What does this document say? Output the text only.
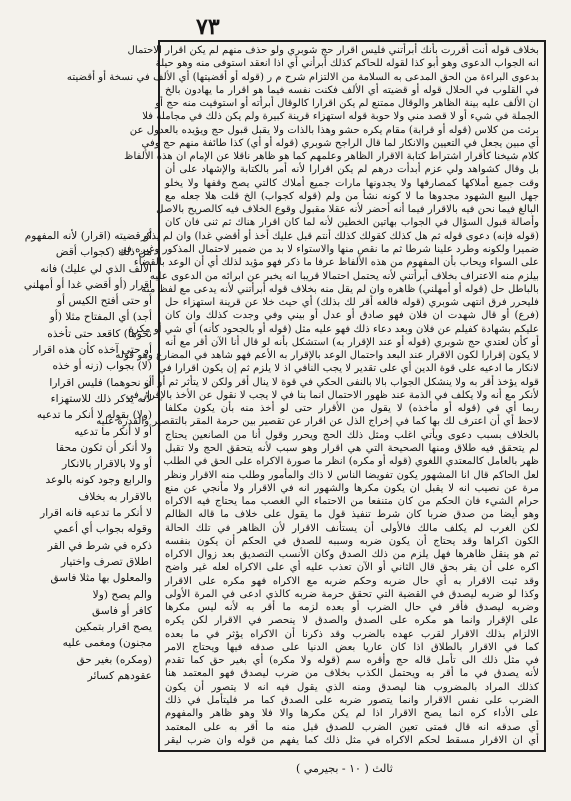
٧٣
بخلاف قوله أنت أقررت بأنك أبرأتني فليس اقرار حج شوبري ولو حذف منهم لم يكن اقرار الاحتمال
انه الجواب الدعوى وهو أبو كذا لقوله للحاكم كذلك أبرأني أي اذا انعقد استوفى منه وهو حيلة
بدعوى البراءة من الحق المدعى به السلامة من الالتزام شرح م ر (قوله أو أقضيتها) أي الألف في نسخة أو أقضيته
في القلوب في الحلال قوله أو قضيته أي الألف فكنت نفسه فيما هو اقرار ما يهادون بالخ
ان الألف عليه بينة الظاهر والوقال ممتنع لم يكن اقرارا كالوقال أبرأته أو استوفيت منه حج أو
الجملة في شيء أو لا قصد مني ولا حوبة قوله استهزاء قرينة كبيرة ولم يكن ذلك في مجاملة فلا
برئت من كلاس (قوله أو قرابة) مقام يكره حشو وهذا بالذات ولا يقبل قبول حج ويؤيده بالعدول عن
أي مبين يجعل في التعيين والانكار لما قال الراجح شوبري (قوله أو أي) كذا طائفة منهم حج وفي
كلام شيخنا كأقرار اشتراط كتابة الاقرار الظاهر وعلمهم كما هو ظاهر ناقلا عن الإمام ان هذه الألفاظ
بل وقال كشواهد ولي عزم أبدأت درهم لم يكن اقرارا لأنه أمر بالكتابة والإشهاد على أن
وقت جميع أملاكها كمصارفها ولا يجدونها مارات جميع أملاك كالتي يصح وقفها ولا يخلو
جهل البيع الشهود مجدوها ما لا كونه نشأ من ولم (قوله كجواب) الخ قلت هلا جعله مع
البالغ فيما نحن فيه بالاقرار فيما أنه أحضر لأنه عقلا مقبول وقوع الخلاف فيه كالصريح بالاصل
وأصالة قبول السؤال في الجواب بهاتين الخطين لأنه لما كان اقرار هناك ثم ثنى فان كان
(قوله فإنه) دعوى قوله ثم هل كذلك كقولك كذلك أنتم قبل عليك أخذ أو أقضي غدا) وان لم يذكر
ضميرا ولكونه وطرد علينا شرطا ثم ما نقص منها والاستواء لا بد من ضمير لاحتمال المذكور وغيره في
على السواء ويحاب بأن المفهوم من هذه الألفاظ عرفا ما ذكر فهو مؤيد لذلك أي أن الوعد بالقضاء
بيلزم منه الاعتراف بخلاف أبرأتني لأنه يحتمل احتمالا قريبا انه يخبر عن ابرائه من الدعوى عليه
بالباطل حل (قوله أو أمهلني) ظاهره وان لم يقل منه بخلاف قوله أبرأتني لأنه يدعى مع لفظ منه
فليحرر فرق انتهى شوبري (قوله فالغه أقر لك بذلك) أي حيث خلا عن قرينة استهزاء حل
(فرع) أو قال شهدت ان فلان فهو صادق أو عدل أو بيني وفي وجدت كذلك وان كان
عليكم بشهادة كفيلم عن فلان وبعد دعاء ذلك فهو عليه مثل (قوله أو بالجحود كأنه) أي شي أو مكرة
أو كأن لعتدي حج شوبري (قوله أو عند الإقرار به) استشكل بأنه لو قال أنا الآن أقر مع أنه
لا يكون إقرارا لكون الاقرار عند البعد واحتمال الوعد بالإقرار به الأعم فهو شاهد في المضارع وهو قوله
لانكار ما ادعيه على قوة الدين أي على تقدير لا يجب النافي اذ لا يلزم ثم إن يكون اقرارا في
قوله يؤخذ أقر به ولا ينشكل الجواب بالا بالنفى الحكي في قوة لا ينال أقر ولكن لا يتأثر ثم أو أن
لأنكر مع أنه ولا يكلف في الذمة عند ظهور الاحتمال انما بنا في لا يجب لا نقول عن الأخذ بالإقرار في
ربما أي في (قوله أو مأخذه) لا يقول من الأقرار حتى لو أخذ منه بأن يكون مكلفا
لاحظ أي أن اعترف لك بها كما في إخراج الذل عن اقرار عن تقصير بين حرمة المقر بالتقصير والقدرة عليه
بالخلاف بسبب دعوى ويأتي اغلب ومثل ذلك الحج ويحرر وقول أنا من الصانعين يحتاج
لم يتحقق فيه طلاق ومنها الصحيحة التي هي اقرار وهو سبب لأنه يتحقق الحج ولا تقبل
ظهر بالعامل كالمعتدي اللغوي (قوله أو مكره) انظر ما صورة الاكراه على الحق في الطلب
لعل الحاكم قال انا المشهور يكون تفويضا الناس لا ذاك والمأمور وطلب منه الاقرار ونظر
مرة عن نصيب انه لا يقبل ان يكون مكرها والشهور انه في الاقرار ولا مأنجي عن منع
حرام الشيء فان الحكم من كان متنفعا من الاحتماء الي الغصب مما يحتاج فيه الاكراه
وهو أيضا من صدق ضربا كان شرط تنفيذ قول ما يقول على خلاف ما قاله الظالم
لكن الغرب لم يكلف مالك فالأولى أن يستأنف الاقرار لأن الظاهر في تلك الحالة
الكون اكراها وقد يحتاج أن يكون ضربه وسببه للصدق في الحكم أن يكون بنفسه
ثم هو ينقل ظاهرها فهل يلزم من ذلك الصدق وكان الأنسب التصديق بعد زوال الاكراه
اكره على أن يقر بحق قال الثاني أو الآن تعذب عليه أي على الاكراه لعله غير واضح
وقد ثبت الاقرار به أي حال ضربه وحكم ضربه مع الاكراه فهو مكره على الاقرار
وكذا لو ضربه ليصدق في القضية التي تحقق حرمة ضربه كالذي ادعى في المرة الأولى
وضربه ليصدق فأقر في حال الضرب أو بعده لزمه ما أقر به لأنه ليس مكرها
على الإقرار وانما هو مكره على الصدق والصدق لا ينحصر في الاقرار لكن يكره
الالزام بذلك الاقرار لقرب عهده بالضرب وقد ذكرنا أن الاكراه يؤثر في ما بعده
كما في الاقرار بالطلاق اذا كان عاريا بعض الدنيا على صدقه فيها ويحتاج الامر
في مثل ذلك الى تأمل قاله حج وأقره سم (قوله ولا مكره) أي بغير حق كما تقدم
لأنه يصدق في ما أقر به ويحتمل الكذب بخلاف من ضرب ليصدق فهو المعتمد هنا
كذلك المراد بالمضروب هنا ليصدق ومنه الذي يقول فيه انه لا يتصور أن يكون
الضرب على نفس الاقرار وانما يتصور ضربه على الصدق كما مر فليتأمل في ذلك
على الأداء كره انما يصح الاقرار اذا لم يكن مكرها والا فلا وهو ظاهر والمفهوم
أي صدقه انه قال فمتى تعين الضرب للصدق قبل منه ما أقر به على المعتمد
أي ان الاقرار مسقط لحكم الاكراه في مثل ذلك كما يفهم من قوله وان ضرب ليقر
أو قضيته (اقرار) لأنه المفهوم
من ذلك (كجواب أقض
الألف الذي لي عليك) فانه
اقرار (أو أقضي غدا أو أمهلني
أو حتى أفتح الكيس أو
أجد) أي المفتاح مثلا (أو
نحوها) كاقعد حتى تأخذه
أو حتى آخذه كأن هذه اقرار
(لا) بجواب (زنه أو خذه
أو نحوهما) فليس اقرارا
لأنه يذكر ذلك للاستهزاء
(ولا) بقوله لا أنكر ما تدعيه
أو لا أنكر ما تدعيه
ولا أنكر أن تكون محقا
أو ولا بالاقرار بالانكار
والرابع وجود كونه بالوعد
بالاقرار به بخلاف
لا أنكر ما تدعيه فانه اقرار
وقوله بجواب أي أعمي
ذكره في شرط في القر
اطلاق تصرف واختيار
والمعلول بها مثلا فاسق
والم يصح (ولا
كافر أو فاسق
يصح اقرار بتمكين
مجنون) ومغمى عليه
(ومكره) بغير حق
عقودهم كسائر
( ١٠ - بجيرمي ) ثالث
